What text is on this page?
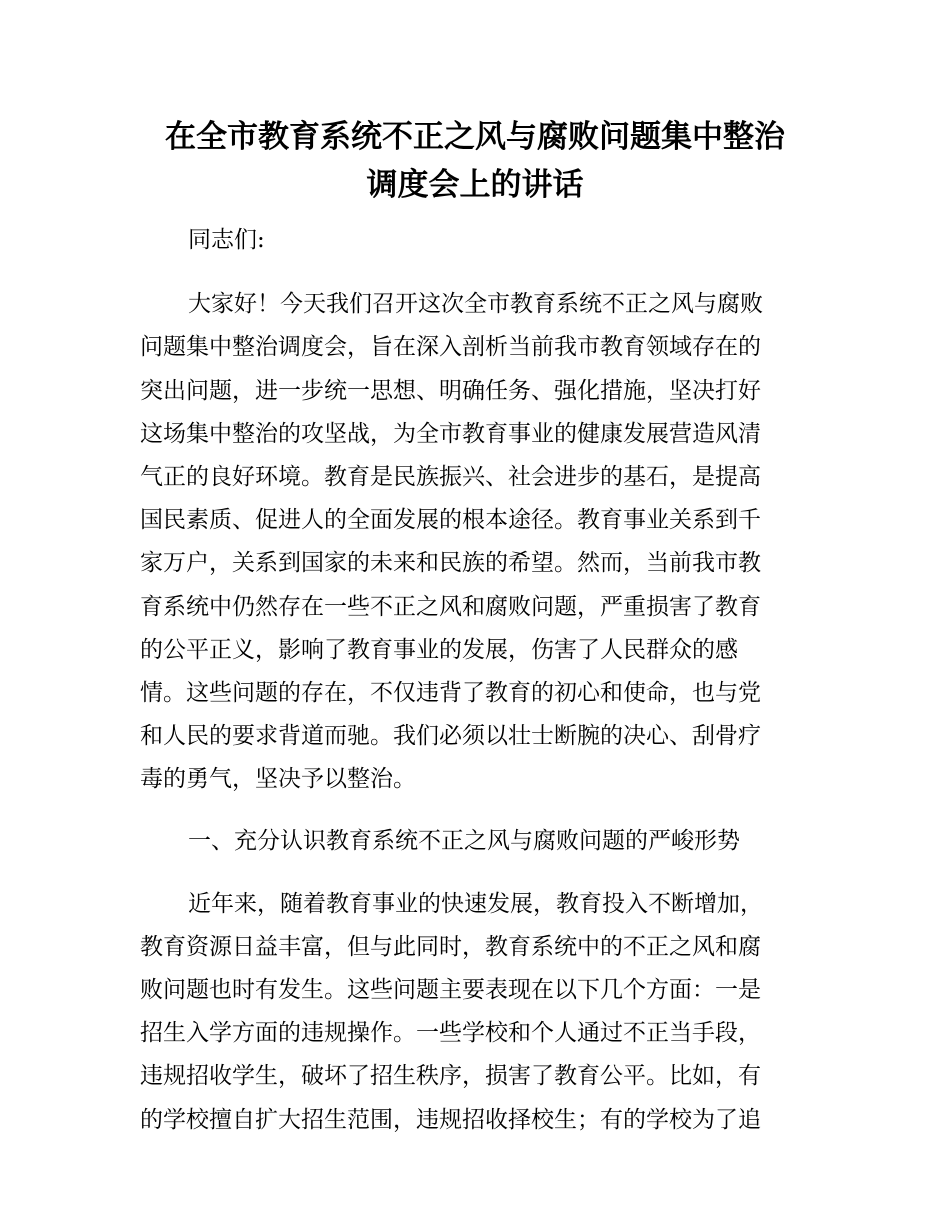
在全市教育系统不正之风与腐败问题集中整治
调度会上的讲话
同志们:
大家好！今天我们召开这次全市教育系统不正之风与腐败
问题集中整治调度会，旨在深入剖析当前我市教育领域存在的
突出问题，进一步统一思想、明确任务、强化措施，坚决打好
这场集中整治的攻坚战，为全市教育事业的健康发展营造风清
气正的良好环境。教育是民族振兴、社会进步的基石，是提高
国民素质、促进人的全面发展的根本途径。教育事业关系到千
家万户，关系到国家的未来和民族的希望。然而，当前我市教
育系统中仍然存在一些不正之风和腐败问题，严重损害了教育
的公平正义，影响了教育事业的发展，伤害了人民群众的感
情。这些问题的存在，不仅违背了教育的初心和使命，也与党
和人民的要求背道而驰。我们必须以壮士断腕的决心、刮骨疗
毒的勇气，坚决予以整治。
一、充分认识教育系统不正之风与腐败问题的严峻形势
近年来，随着教育事业的快速发展，教育投入不断增加，
教育资源日益丰富，但与此同时，教育系统中的不正之风和腐
败问题也时有发生。这些问题主要表现在以下几个方面：一是
招生入学方面的违规操作。一些学校和个人通过不正当手段，
违规招收学生，破坏了招生秩序，损害了教育公平。比如，有
的学校擅自扩大招生范围，违规招收择校生；有的学校为了追
